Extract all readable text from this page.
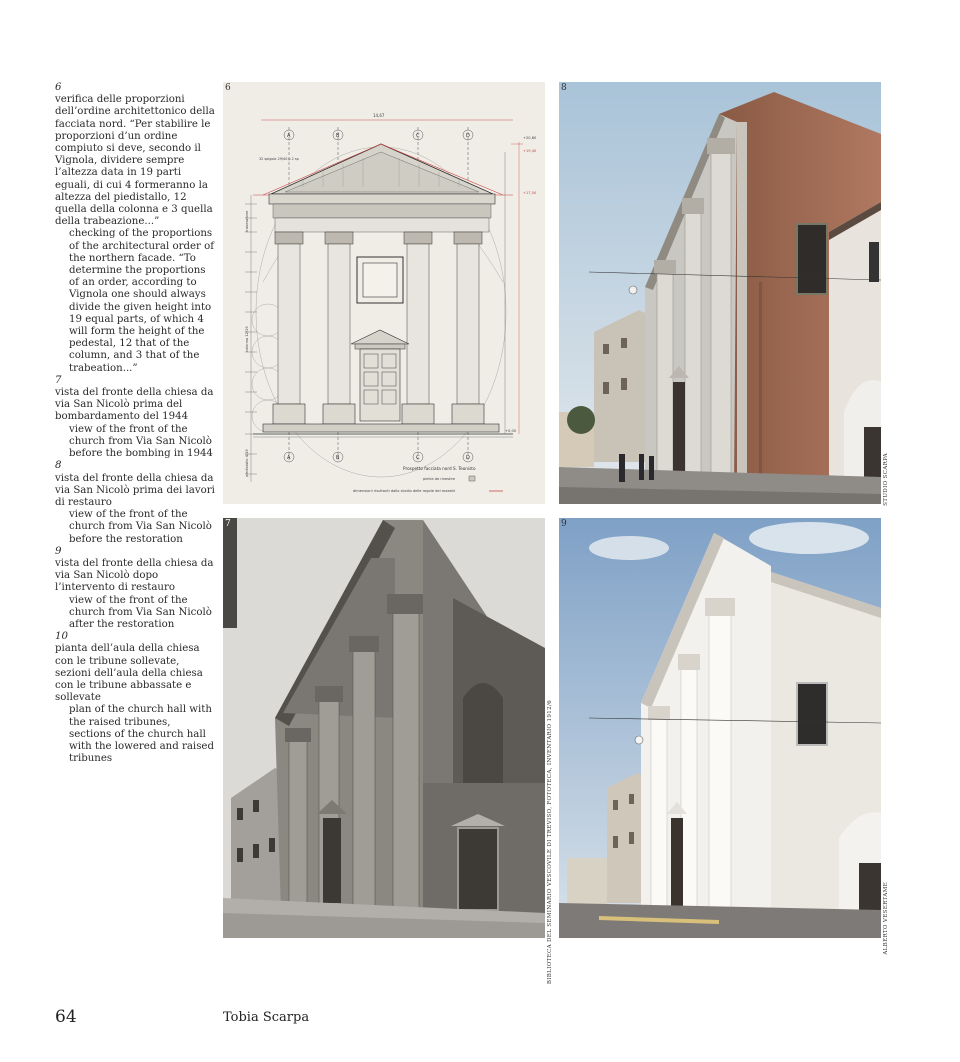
6
verifica delle proporzioni dell’ordine architettonico della facciata nord. “Per stabilire le proporzioni d’un ordine compiuto si deve, secondo il Vignola, dividere sempre l’altezza data in 19 parti eguali, di cui 4 formeranno la altezza del piedistallo, 12 quella della colonna e 3 quella della trabeazione...”
checking of the proportions of the architectural order of the northern facade. “To determine the proportions of an order, according to Vignola one should always divide the given height into 19 equal parts, of which 4 will form the height of the pedestal, 12 that of the column, and 3 that of the trabeation...”
7
vista del fronte della chiesa da via San Nicolò prima del bombardamento del 1944
view of the front of the church from Via San Nicolò before the bombing in 1944
8
vista del fronte della chiesa da via San Nicolò prima dei lavori di restauro
view of the front of the church from Via San Nicolò before the restoration
9
vista del fronte della chiesa da via San Nicolò dopo l’intervento di restauro
view of the front of the church from Via San Nicolò after the restoration
10
pianta dell’aula della chiesa con le tribune sollevate, sezioni dell’aula della chiesa con le tribune abbassate e sollevate
plan of the church hall with the raised tribunes, sections of the church hall with the lowered and raised tribunes
6
14,67
A	B	C	D
A	B	C	D
trabeazione
colonna 12/19
piedistallo 4/19
32 spigolo 29/40 p 2 sp
+20,80
+19,40
+17,50
+0,00
Prospetto facciata nord S. Teonisto
pietra da rivestire
dimensioni risultanti dallo studio delle regole dei maestri
8
STUDIO SCARPA
7
BIBLIOTECA DEL SEMINARIO VESCOVILE DI TREVISO, FOTOTECA, INVENTARIO 1912/6
9
ALBERTO VESERTAME
64	Tobia Scarpa
